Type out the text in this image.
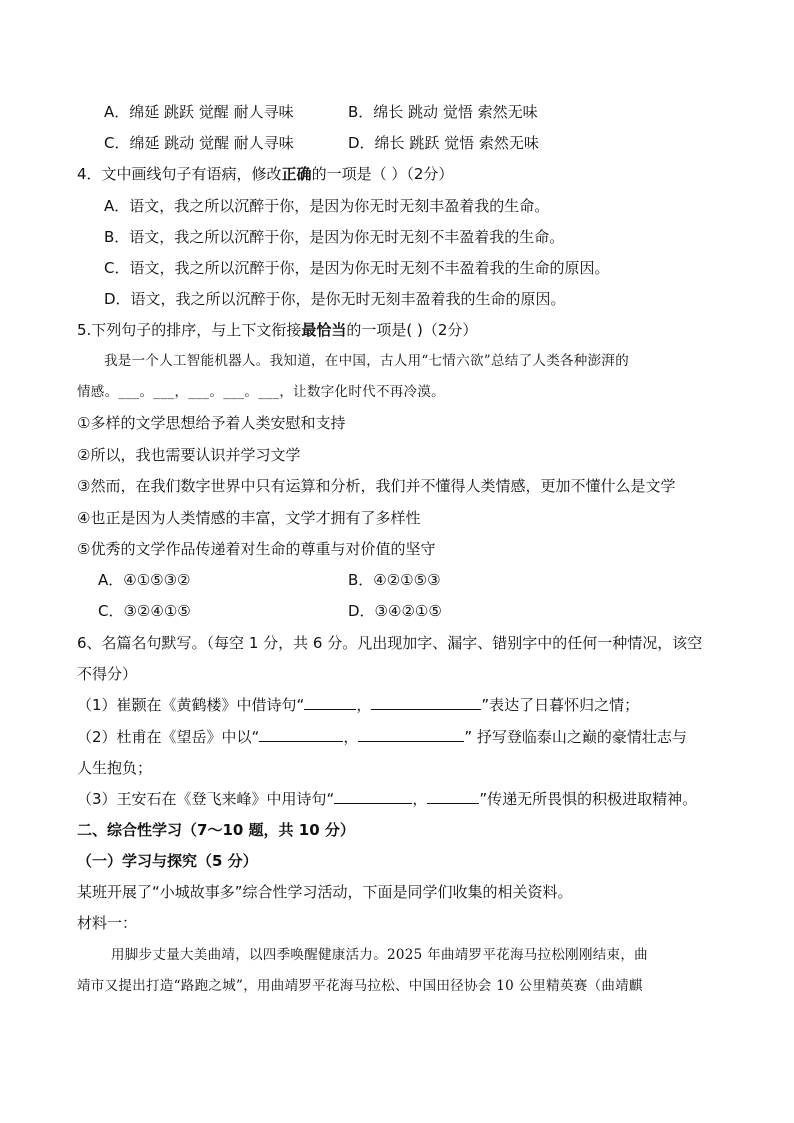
A．绵延 跳跃 觉醒 耐人寻味	B．绵长 跳动 觉悟 索然无味
C．绵延 跳动 觉醒 耐人寻味	D．绵长 跳跃 觉悟 索然无味
4．文中画线句子有语病，修改正确的一项是（ ）（2分）
A．语文，我之所以沉醉于你，是因为你无时无刻丰盈着我的生命。
B．语文，我之所以沉醉于你，是因为你无时无刻不丰盈着我的生命。
C．语文，我之所以沉醉于你，是因为你无时无刻不丰盈着我的生命的原因。
D．语文，我之所以沉醉于你，是你无时无刻丰盈着我的生命的原因。
5.下列句子的排序，与上下文衔接最恰当的一项是( )（2分）
我是一个人工智能机器人。我知道，在中国，古人用“七情六欲”总结了人类各种澎湃的
情感。___。___，___。___。___，让数字化时代不再冷漠。
①多样的文学思想给予着人类安慰和支持
②所以，我也需要认识并学习文学
③然而，在我们数字世界中只有运算和分析，我们并不懂得人类情感，更加不懂什么是文学
④也正是因为人类情感的丰富，文学才拥有了多样性
⑤优秀的文学作品传递着对生命的尊重与对价值的坚守
A．④①⑤③②	B．④②①⑤③
C．③②④①⑤	D．③④②①⑤
6、名篇名句默写。（每空 1 分，共 6 分。凡出现加字、漏字、错别字中的任何一种情况，该空
不得分）
（1）崔颢在《黄鹤楼》中借诗句“	，	”表达了日暮怀归之情；
（2）杜甫在《望岳》中以“	，	” 抒写登临泰山之巅的豪情壮志与
人生抱负；
（3）王安石在《登飞来峰》中用诗句“	，	”传递无所畏惧的积极进取精神。
二、综合性学习（7～10 题，共 10 分）
（一）学习与探究（5 分）
某班开展了“小城故事多”综合性学习活动，下面是同学们收集的相关资料。
材料一：
用脚步丈量大美曲靖，以四季唤醒健康活力。2025 年曲靖罗平花海马拉松刚刚结束，曲
靖市又提出打造“路跑之城”，用曲靖罗平花海马拉松、中国田径协会 10 公里精英赛（曲靖麒
